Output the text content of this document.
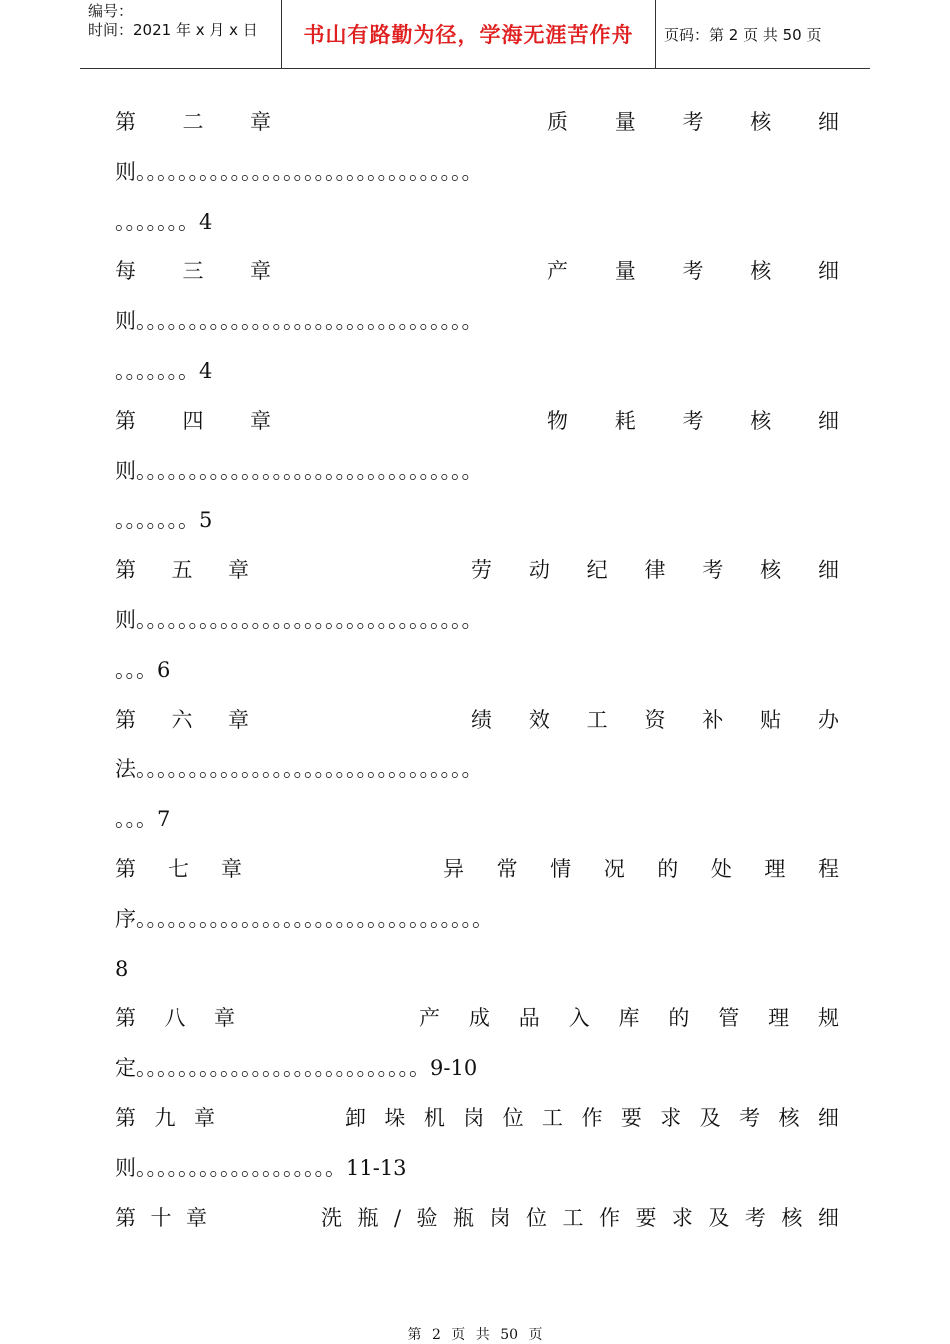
编号：
时间：2021 年 x 月 x 日	书山有路勤为径，学海无涯苦作舟	页码：第 2 页 共 50 页
第 二 章	质 量 考 核 细
则。。。。。。。。。。。。。。。。。。。。。。。。。。。。。。。。
。。。。。。。4
每 三 章	产 量 考 核 细
则。。。。。。。。。。。。。。。。。。。。。。。。。。。。。。。。
。。。。。。。4
第 四 章	物 耗 考 核 细
则。。。。。。。。。。。。。。。。。。。。。。。。。。。。。。。。
。。。。。。。5
第 五 章	劳 动 纪 律 考 核 细
则。。。。。。。。。。。。。。。。。。。。。。。。。。。。。。。。
。。。6
第 六 章	绩 效 工 资 补 贴 办
法。。。。。。。。。。。。。。。。。。。。。。。。。。。。。。。。
。。。7
第 七 章	异 常 情 况 的 处 理 程
序。。。。。。。。。。。。。。。。。。。。。。。。。。。。。。。。。
8
第 八 章	产 成 品 入 库 的 管 理 规
定。。。。。。。。。。。。。。。。。。。。。。。。。。。9-10
第 九 章	卸 垛 机 岗 位 工 作 要 求 及 考 核 细
则。。。。。。。。。。。。。。。。。。。11-13
第 十 章	洗 瓶 / 验 瓶 岗 位 工 作 要 求 及 考 核 细
第 2 页 共 50 页
